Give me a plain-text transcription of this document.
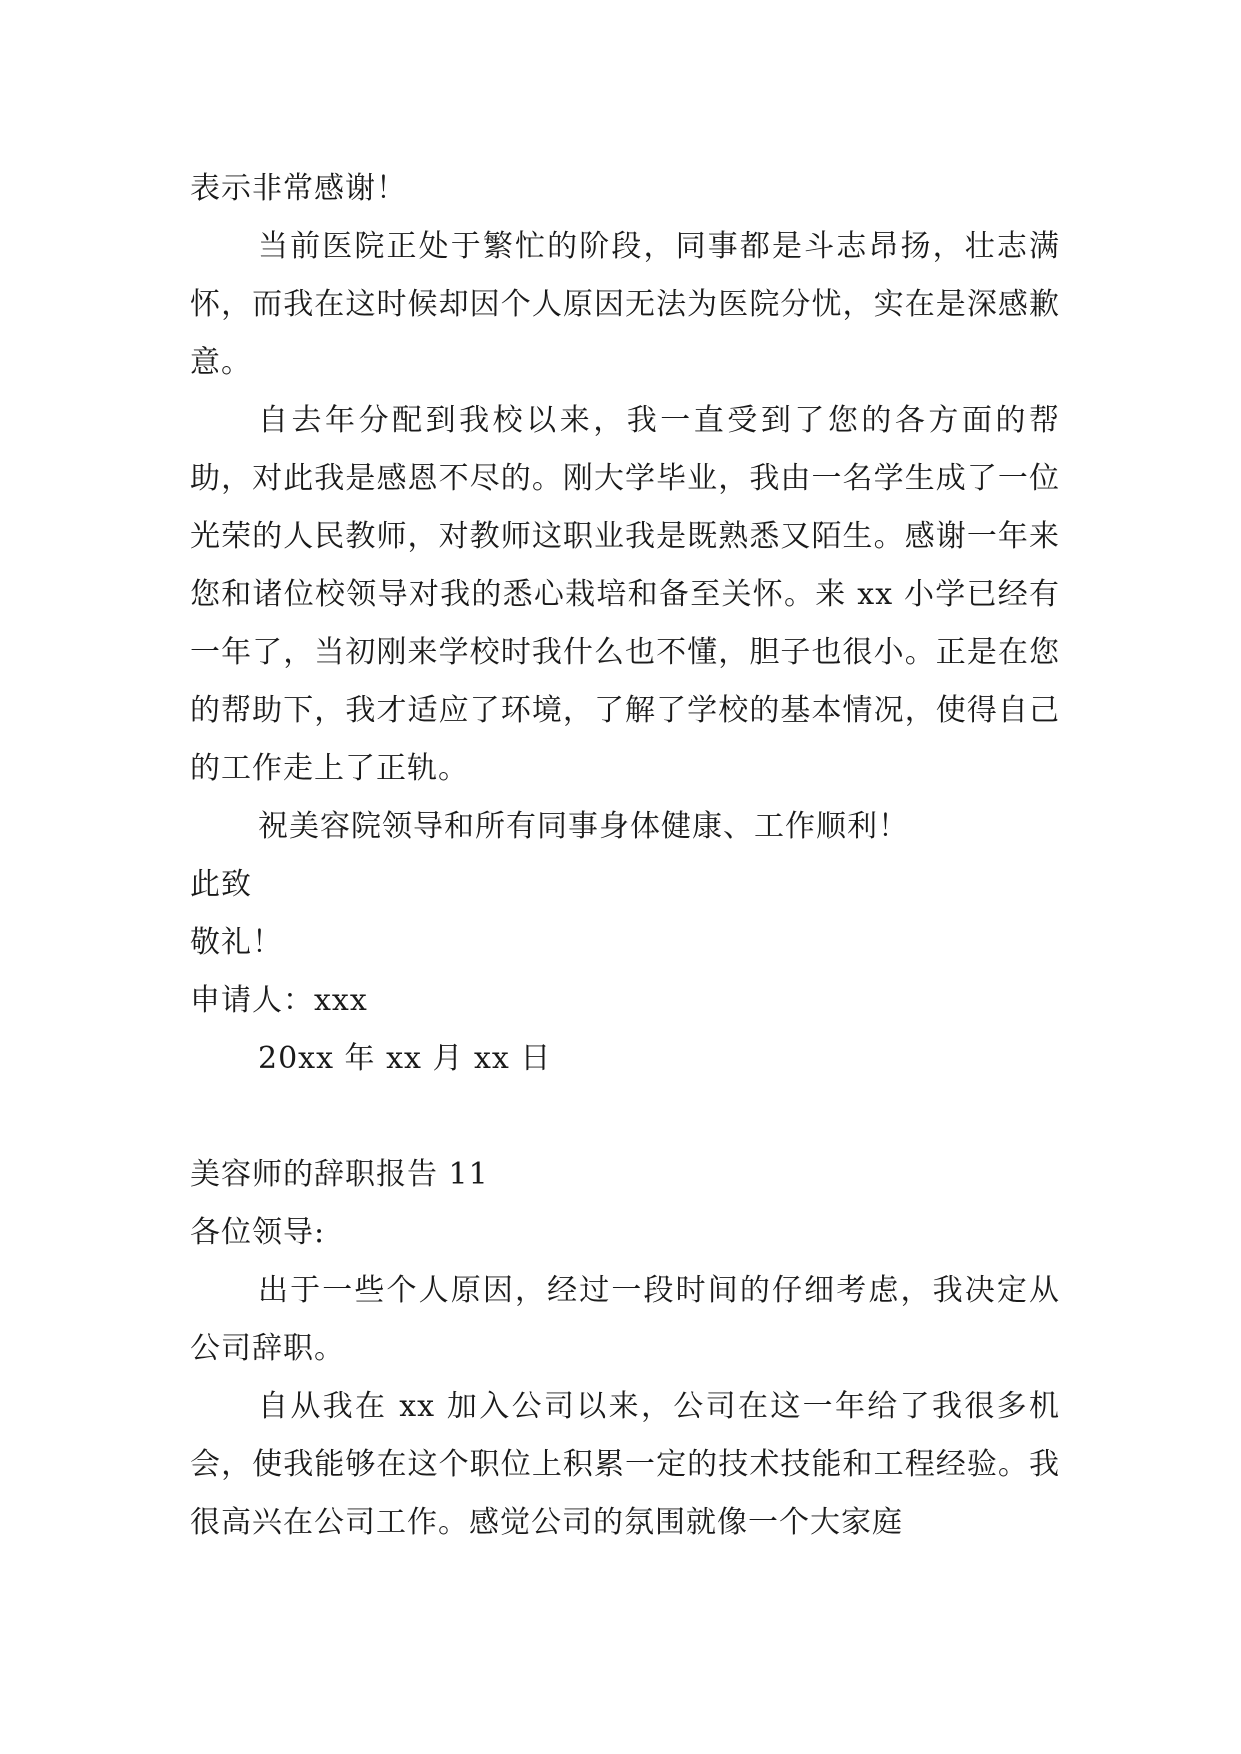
表示非常感谢！
当前医院正处于繁忙的阶段，同事都是斗志昂扬，壮志满怀，而我在这时候却因个人原因无法为医院分忧，实在是深感歉意。
自去年分配到我校以来，我一直受到了您的各方面的帮助，对此我是感恩不尽的。刚大学毕业，我由一名学生成了一位光荣的人民教师，对教师这职业我是既熟悉又陌生。感谢一年来您和诸位校领导对我的悉心栽培和备至关怀。来 xx 小学已经有一年了，当初刚来学校时我什么也不懂，胆子也很小。正是在您的帮助下，我才适应了环境，了解了学校的基本情况，使得自己的工作走上了正轨。
祝美容院领导和所有同事身体健康、工作顺利！
此致
敬礼！
申请人：xxx
20xx 年 xx 月 xx 日
美容师的辞职报告 11
各位领导:
出于一些个人原因，经过一段时间的仔细考虑，我决定从公司辞职。
自从我在 xx 加入公司以来，公司在这一年给了我很多机会，使我能够在这个职位上积累一定的技术技能和工程经验。我很高兴在公司工作。感觉公司的氛围就像一个大家庭
